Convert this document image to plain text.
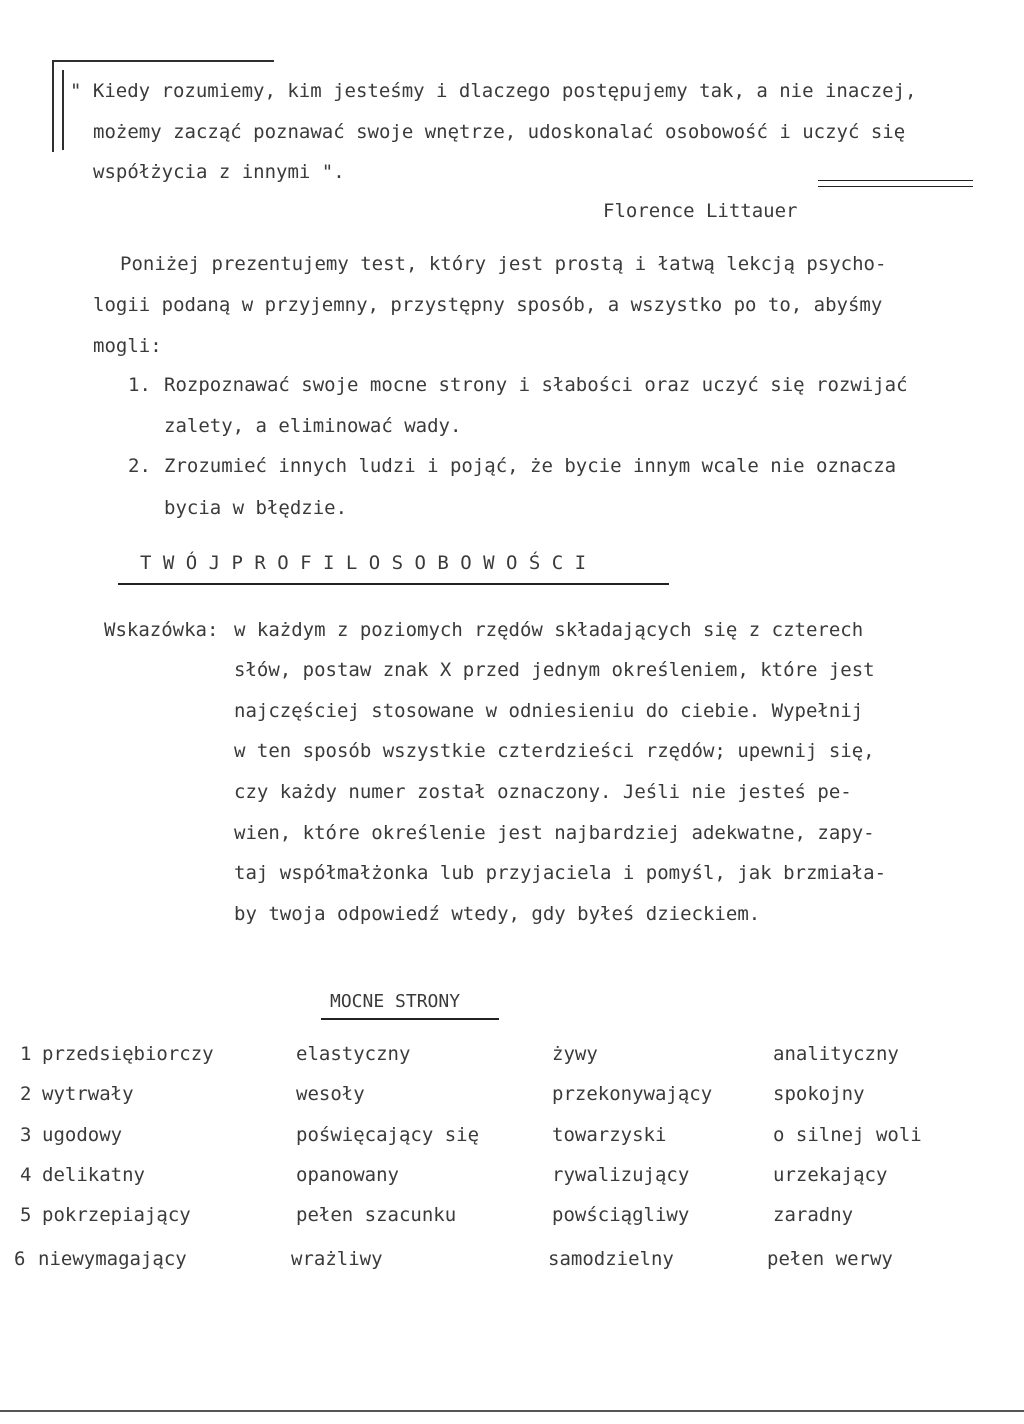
" Kiedy rozumiemy, kim jesteśmy i dlaczego postępujemy tak, a nie inaczej,
możemy zacząć poznawać swoje wnętrze, udoskonalać osobowość i uczyć się
współżycia z innymi ".
Florence Littauer
Poniżej prezentujemy test, który jest prostą i łatwą lekcją psycho-
logii podaną w przyjemny, przystępny sposób, a wszystko po to, abyśmy
mogli:
1. Rozpoznawać swoje mocne strony i słabości oraz uczyć się rozwijać
zalety, a eliminować wady.
2. Zrozumieć innych ludzi i pojąć, że bycie innym wcale nie oznacza
bycia w błędzie.
T W Ó J P R O F I L O S O B O W O Ś C I
Wskazówka: w każdym z poziomych rzędów składających się z czterech
słów, postaw znak X przed jednym określeniem, które jest
najczęściej stosowane w odniesieniu do ciebie. Wypełnij
w ten sposób wszystkie czterdzieści rzędów; upewnij się,
czy każdy numer został oznaczony. Jeśli nie jesteś pe-
wien, które określenie jest najbardziej adekwatne, zapy-
taj współmałżonka lub przyjaciela i pomyśl, jak brzmiała-
by twoja odpowiedź wtedy, gdy byłeś dzieckiem.
MOCNE STRONY
1 przedsiębiorczy	elastyczny	żywy	analityczny
2 wytrwały	wesoły	przekonywający	spokojny
3 ugodowy	poświęcający się	towarzyski	o silnej woli
4 delikatny	opanowany	rywalizujący	urzekający
5 pokrzepiający	pełen szacunku	powściągliwy	zaradny
6 niewymagający	wrażliwy	samodzielny	pełen werwy
